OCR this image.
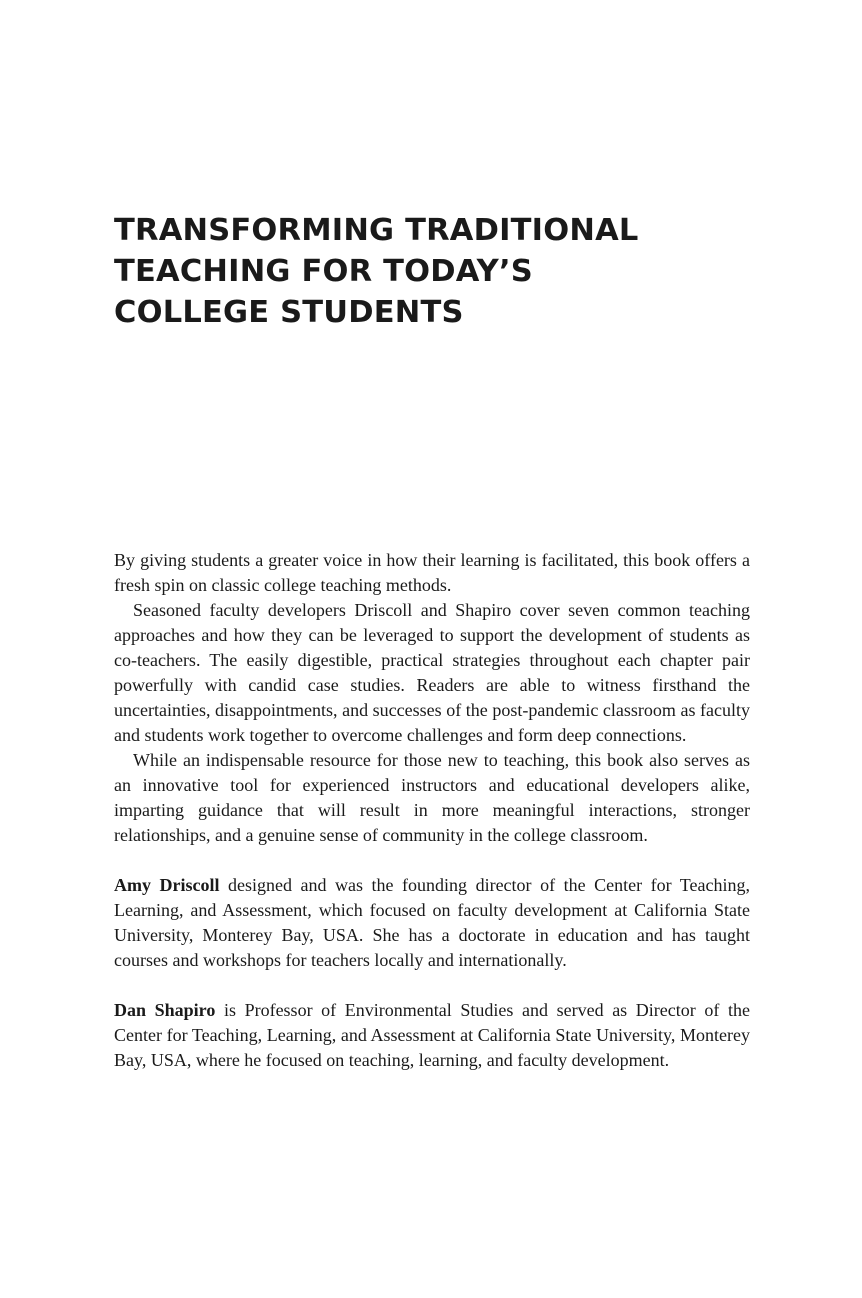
TRANSFORMING TRADITIONAL
TEACHING FOR TODAY’S
COLLEGE STUDENTS

By giving students a greater voice in how their learning is facilitated, this book offers a fresh spin on classic college teaching methods.

Seasoned faculty developers Driscoll and Shapiro cover seven common teaching approaches and how they can be leveraged to support the development of students as co-teachers. The easily digestible, practical strategies throughout each chapter pair powerfully with candid case studies. Readers are able to witness firsthand the uncertainties, disappointments, and successes of the post-pandemic classroom as faculty and students work together to overcome challenges and form deep connections.

While an indispensable resource for those new to teaching, this book also serves as an innovative tool for experienced instructors and educational developers alike, imparting guidance that will result in more meaningful interactions, stronger relationships, and a genuine sense of community in the college classroom.

Amy Driscoll designed and was the founding director of the Center for Teaching, Learning, and Assessment, which focused on faculty development at California State University, Monterey Bay, USA. She has a doctorate in education and has taught courses and workshops for teachers locally and internationally.

Dan Shapiro is Professor of Environmental Studies and served as Director of the Center for Teaching, Learning, and Assessment at California State University, Monterey Bay, USA, where he focused on teaching, learning, and faculty development.
